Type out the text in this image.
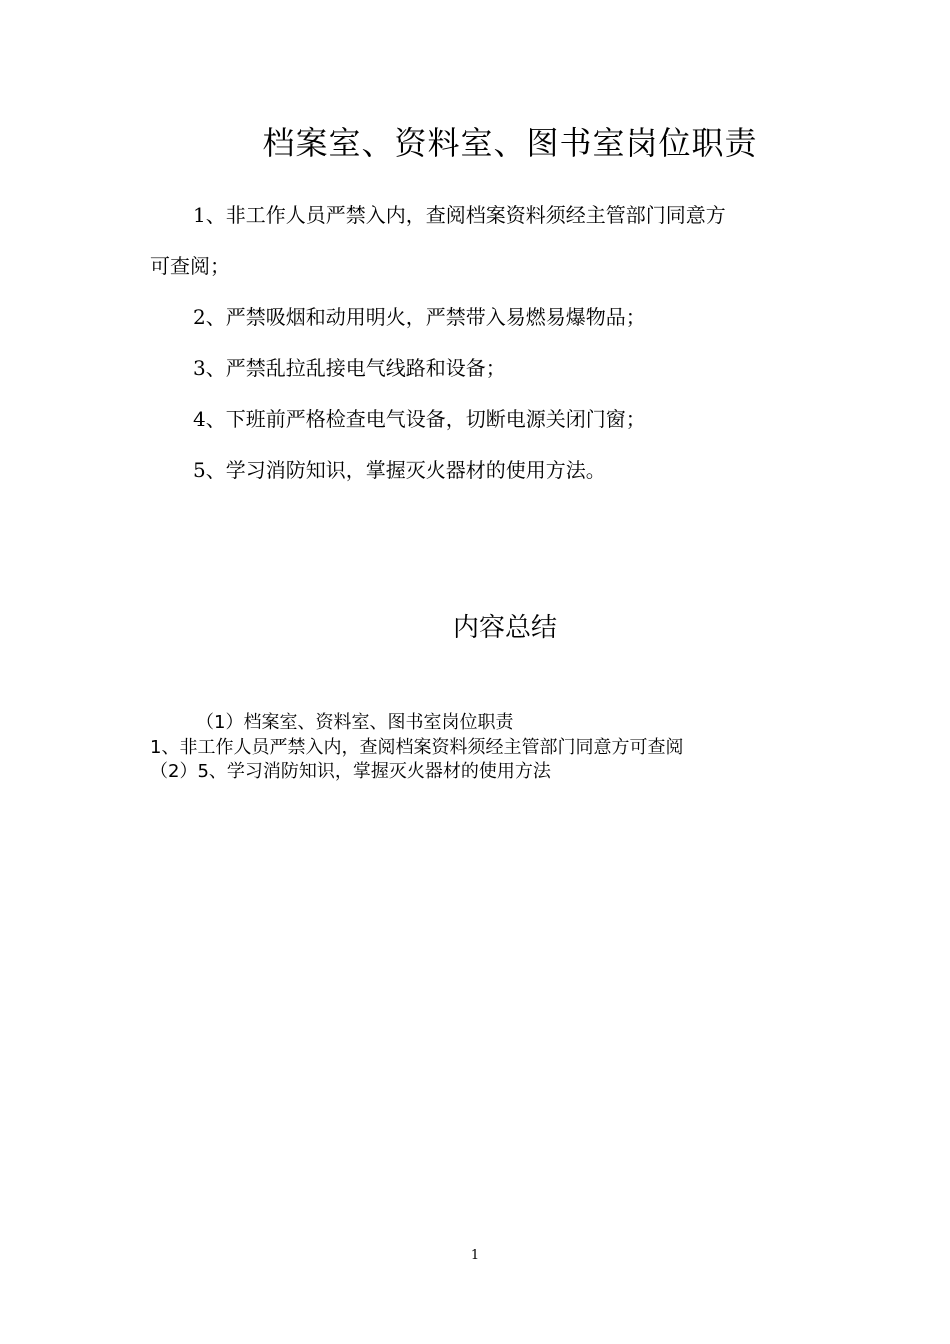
档案室、资料室、图书室岗位职责

1、非工作人员严禁入内，查阅档案资料须经主管部门同意方

可查阅；

2、严禁吸烟和动用明火，严禁带入易燃易爆物品；

3、严禁乱拉乱接电气线路和设备；

4、下班前严格检查电气设备，切断电源关闭门窗；

5、学习消防知识，掌握灭火器材的使用方法。

内容总结

（1）档案室、资料室、图书室岗位职责

1、非工作人员严禁入内，查阅档案资料须经主管部门同意方可查阅

（2）5、学习消防知识，掌握灭火器材的使用方法

1
